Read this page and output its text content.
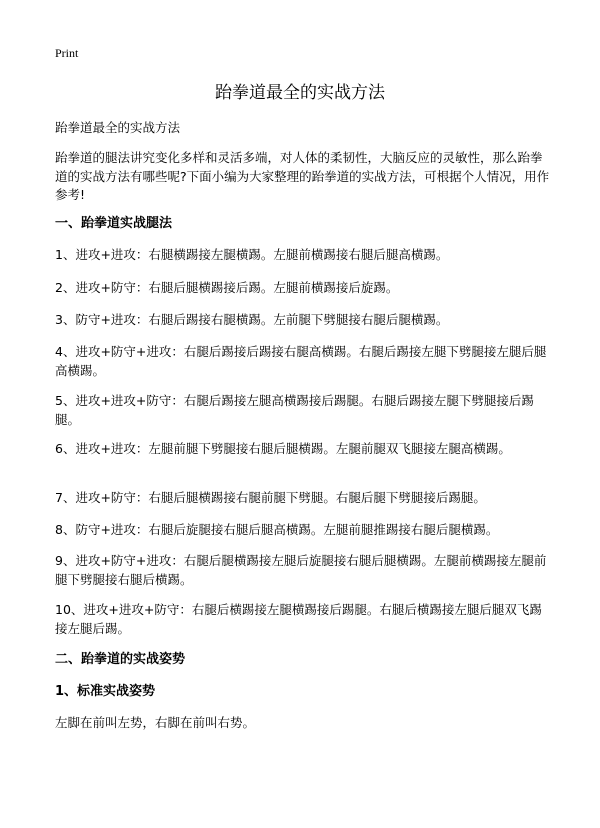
Print
跆拳道最全的实战方法
跆拳道最全的实战方法
跆拳道的腿法讲究变化多样和灵活多端，对人体的柔韧性，大脑反应的灵敏性，那么跆拳道的实战方法有哪些呢?下面小编为大家整理的跆拳道的实战方法，可根据个人情况，用作参考!
一、跆拳道实战腿法
1、进攻+进攻：右腿横踢接左腿横踢。左腿前横踢接右腿后腿高横踢。
2、进攻+防守：右腿后腿横踢接后踢。左腿前横踢接后旋踢。
3、防守+进攻：右腿后踢接右腿横踢。左前腿下劈腿接右腿后腿横踢。
4、进攻+防守+进攻：右腿后踢接后踢接右腿高横踢。右腿后踢接左腿下劈腿接左腿后腿高横踢。
5、进攻+进攻+防守：右腿后踢接左腿高横踢接后踢腿。右腿后踢接左腿下劈腿接后踢腿。
6、进攻+进攻：左腿前腿下劈腿接右腿后腿横踢。左腿前腿双飞腿接左腿高横踢。
7、进攻+防守：右腿后腿横踢接右腿前腿下劈腿。右腿后腿下劈腿接后踢腿。
8、防守+进攻：右腿后旋腿接右腿后腿高横踢。左腿前腿推踢接右腿后腿横踢。
9、进攻+防守+进攻：右腿后腿横踢接左腿后旋腿接右腿后腿横踢。左腿前横踢接左腿前腿下劈腿接右腿后横踢。
10、进攻+进攻+防守：右腿后横踢接左腿横踢接后踢腿。右腿后横踢接左腿后腿双飞踢接左腿后踢。
二、跆拳道的实战姿势
1、标准实战姿势
左脚在前叫左势，右脚在前叫右势。
